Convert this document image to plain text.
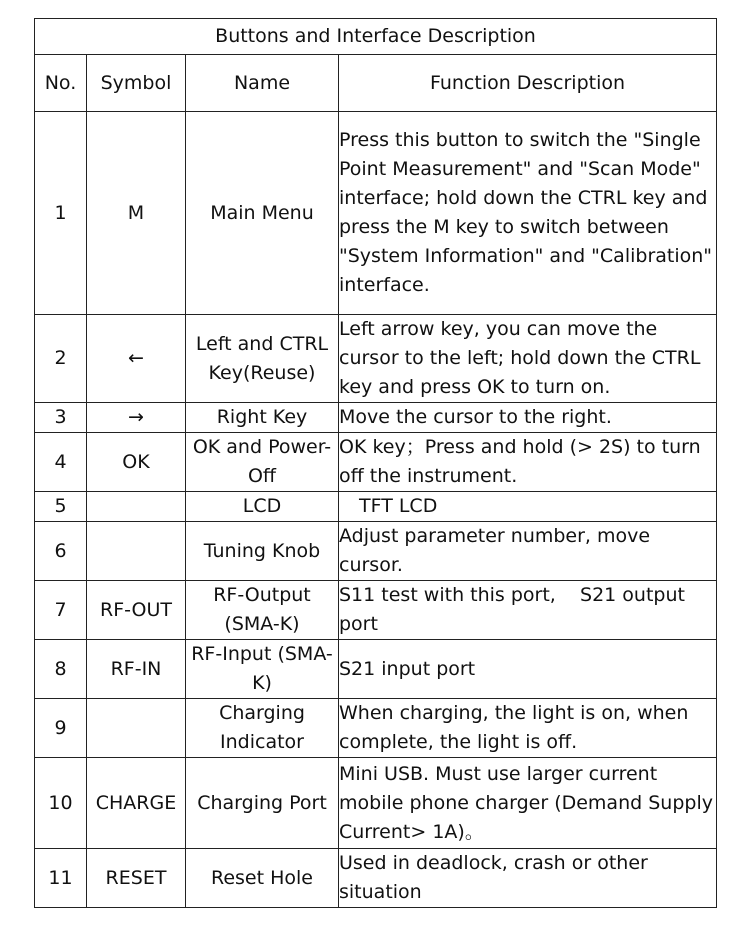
Buttons and Interface Description			
No.	Symbol	Name	Function Description
1	M	Main Menu	Press this button to switch the "Single Point Measurement" and "Scan Mode" interface; hold down the CTRL key and press the M key to switch between "System Information" and "Calibration" interface.
2	←	Left and CTRL Key(Reuse)	Left arrow key, you can move the cursor to the left; hold down the CTRL key and press OK to turn on.
3	→	Right Key	Move the cursor to the right.
4	OK	OK and Power-Off	OK key；Press and hold (> 2S) to turn off the instrument.
5		LCD	TFT LCD
6		Tuning Knob	Adjust parameter number, move cursor.
7	RF-OUT	RF-Output (SMA-K)	S11 test with this port,    S21 output port
8	RF-IN	RF-Input (SMA-K)	S21 input port
9		Charging Indicator	When charging, the light is on, when complete, the light is off.
10	CHARGE	Charging Port	Mini USB. Must use larger current mobile phone charger (Demand Supply Current> 1A)。
11	RESET	Reset Hole	Used in deadlock, crash or other situation
